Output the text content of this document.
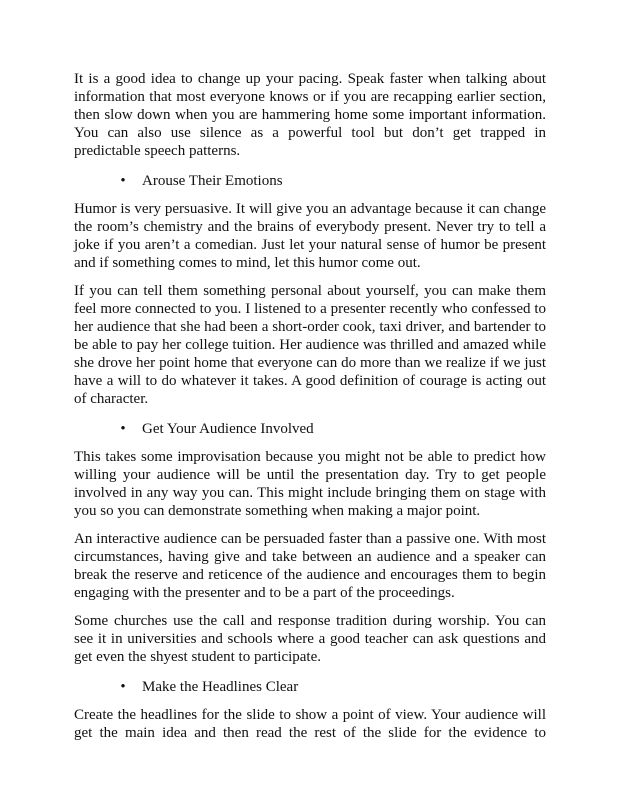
It is a good idea to change up your pacing. Speak faster when talking about information that most everyone knows or if you are recapping earlier section, then slow down when you are hammering home some important information. You can also use silence as a powerful tool but don’t get trapped in predictable speech patterns.

• Arouse Their Emotions

Humor is very persuasive. It will give you an advantage because it can change the room’s chemistry and the brains of everybody present. Never try to tell a joke if you aren’t a comedian. Just let your natural sense of humor be present and if something comes to mind, let this humor come out.

If you can tell them something personal about yourself, you can make them feel more connected to you. I listened to a presenter recently who confessed to her audience that she had been a short-order cook, taxi driver, and bartender to be able to pay her college tuition. Her audience was thrilled and amazed while she drove her point home that everyone can do more than we realize if we just have a will to do whatever it takes. A good definition of courage is acting out of character.

• Get Your Audience Involved

This takes some improvisation because you might not be able to predict how willing your audience will be until the presentation day. Try to get people involved in any way you can. This might include bringing them on stage with you so you can demonstrate something when making a major point.

An interactive audience can be persuaded faster than a passive one. With most circumstances, having give and take between an audience and a speaker can break the reserve and reticence of the audience and encourages them to begin engaging with the presenter and to be a part of the proceedings.

Some churches use the call and response tradition during worship. You can see it in universities and schools where a good teacher can ask questions and get even the shyest student to participate.

• Make the Headlines Clear

Create the headlines for the slide to show a point of view. Your audience will get the main idea and then read the rest of the slide for the evidence to
